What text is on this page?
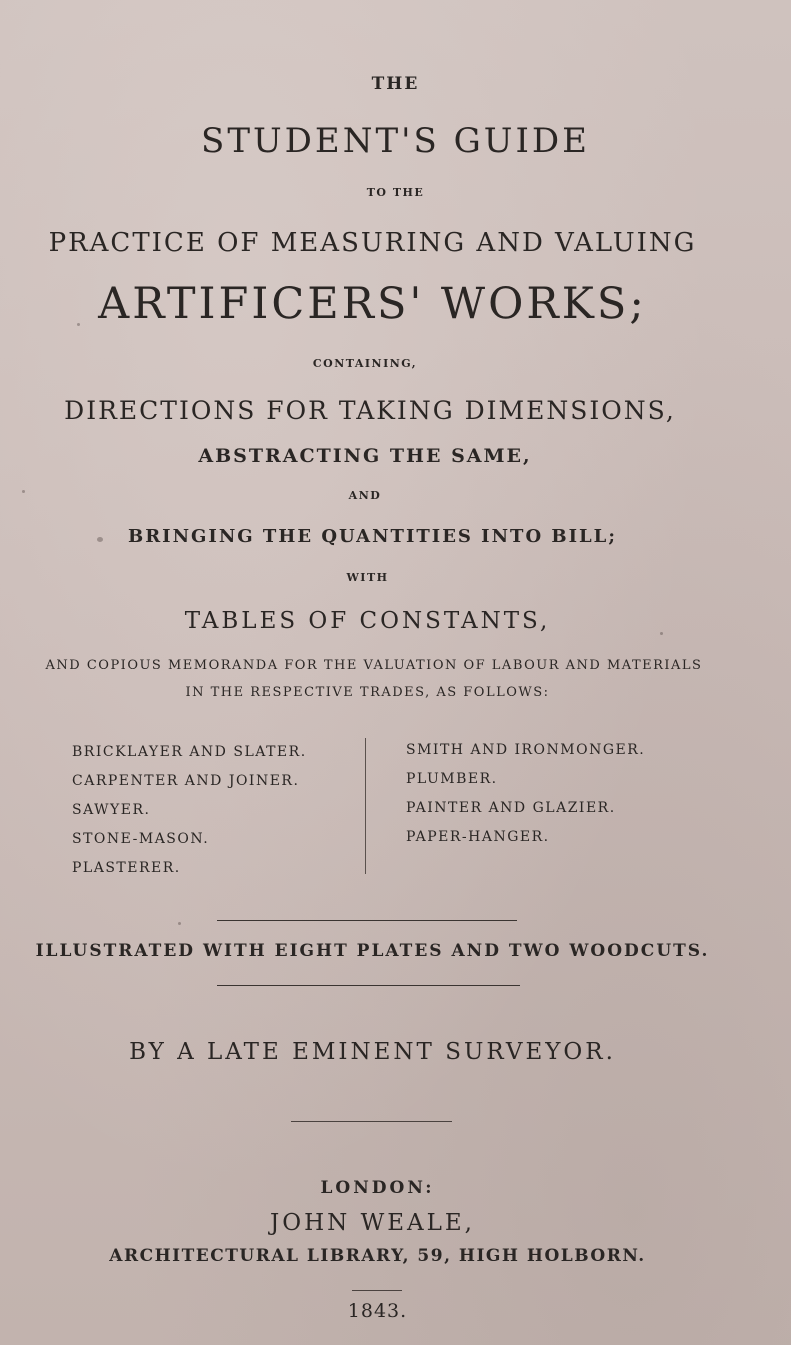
THE
STUDENT'S GUIDE
TO THE
PRACTICE OF MEASURING AND VALUING
ARTIFICERS' WORKS;
CONTAINING,
DIRECTIONS FOR TAKING DIMENSIONS,
ABSTRACTING THE SAME,
AND
BRINGING THE QUANTITIES INTO BILL;
WITH
TABLES OF CONSTANTS,
AND COPIOUS MEMORANDA FOR THE VALUATION OF LABOUR AND MATERIALS
IN THE RESPECTIVE TRADES, AS FOLLOWS:
BRICKLAYER AND SLATER.
CARPENTER AND JOINER.
SAWYER.
STONE-MASON.
PLASTERER.
SMITH AND IRONMONGER.
PLUMBER.
PAINTER AND GLAZIER.
PAPER-HANGER.
ILLUSTRATED WITH EIGHT PLATES AND TWO WOODCUTS.
BY A LATE EMINENT SURVEYOR.
LONDON:
JOHN WEALE,
ARCHITECTURAL LIBRARY, 59, HIGH HOLBORN.
1843.
